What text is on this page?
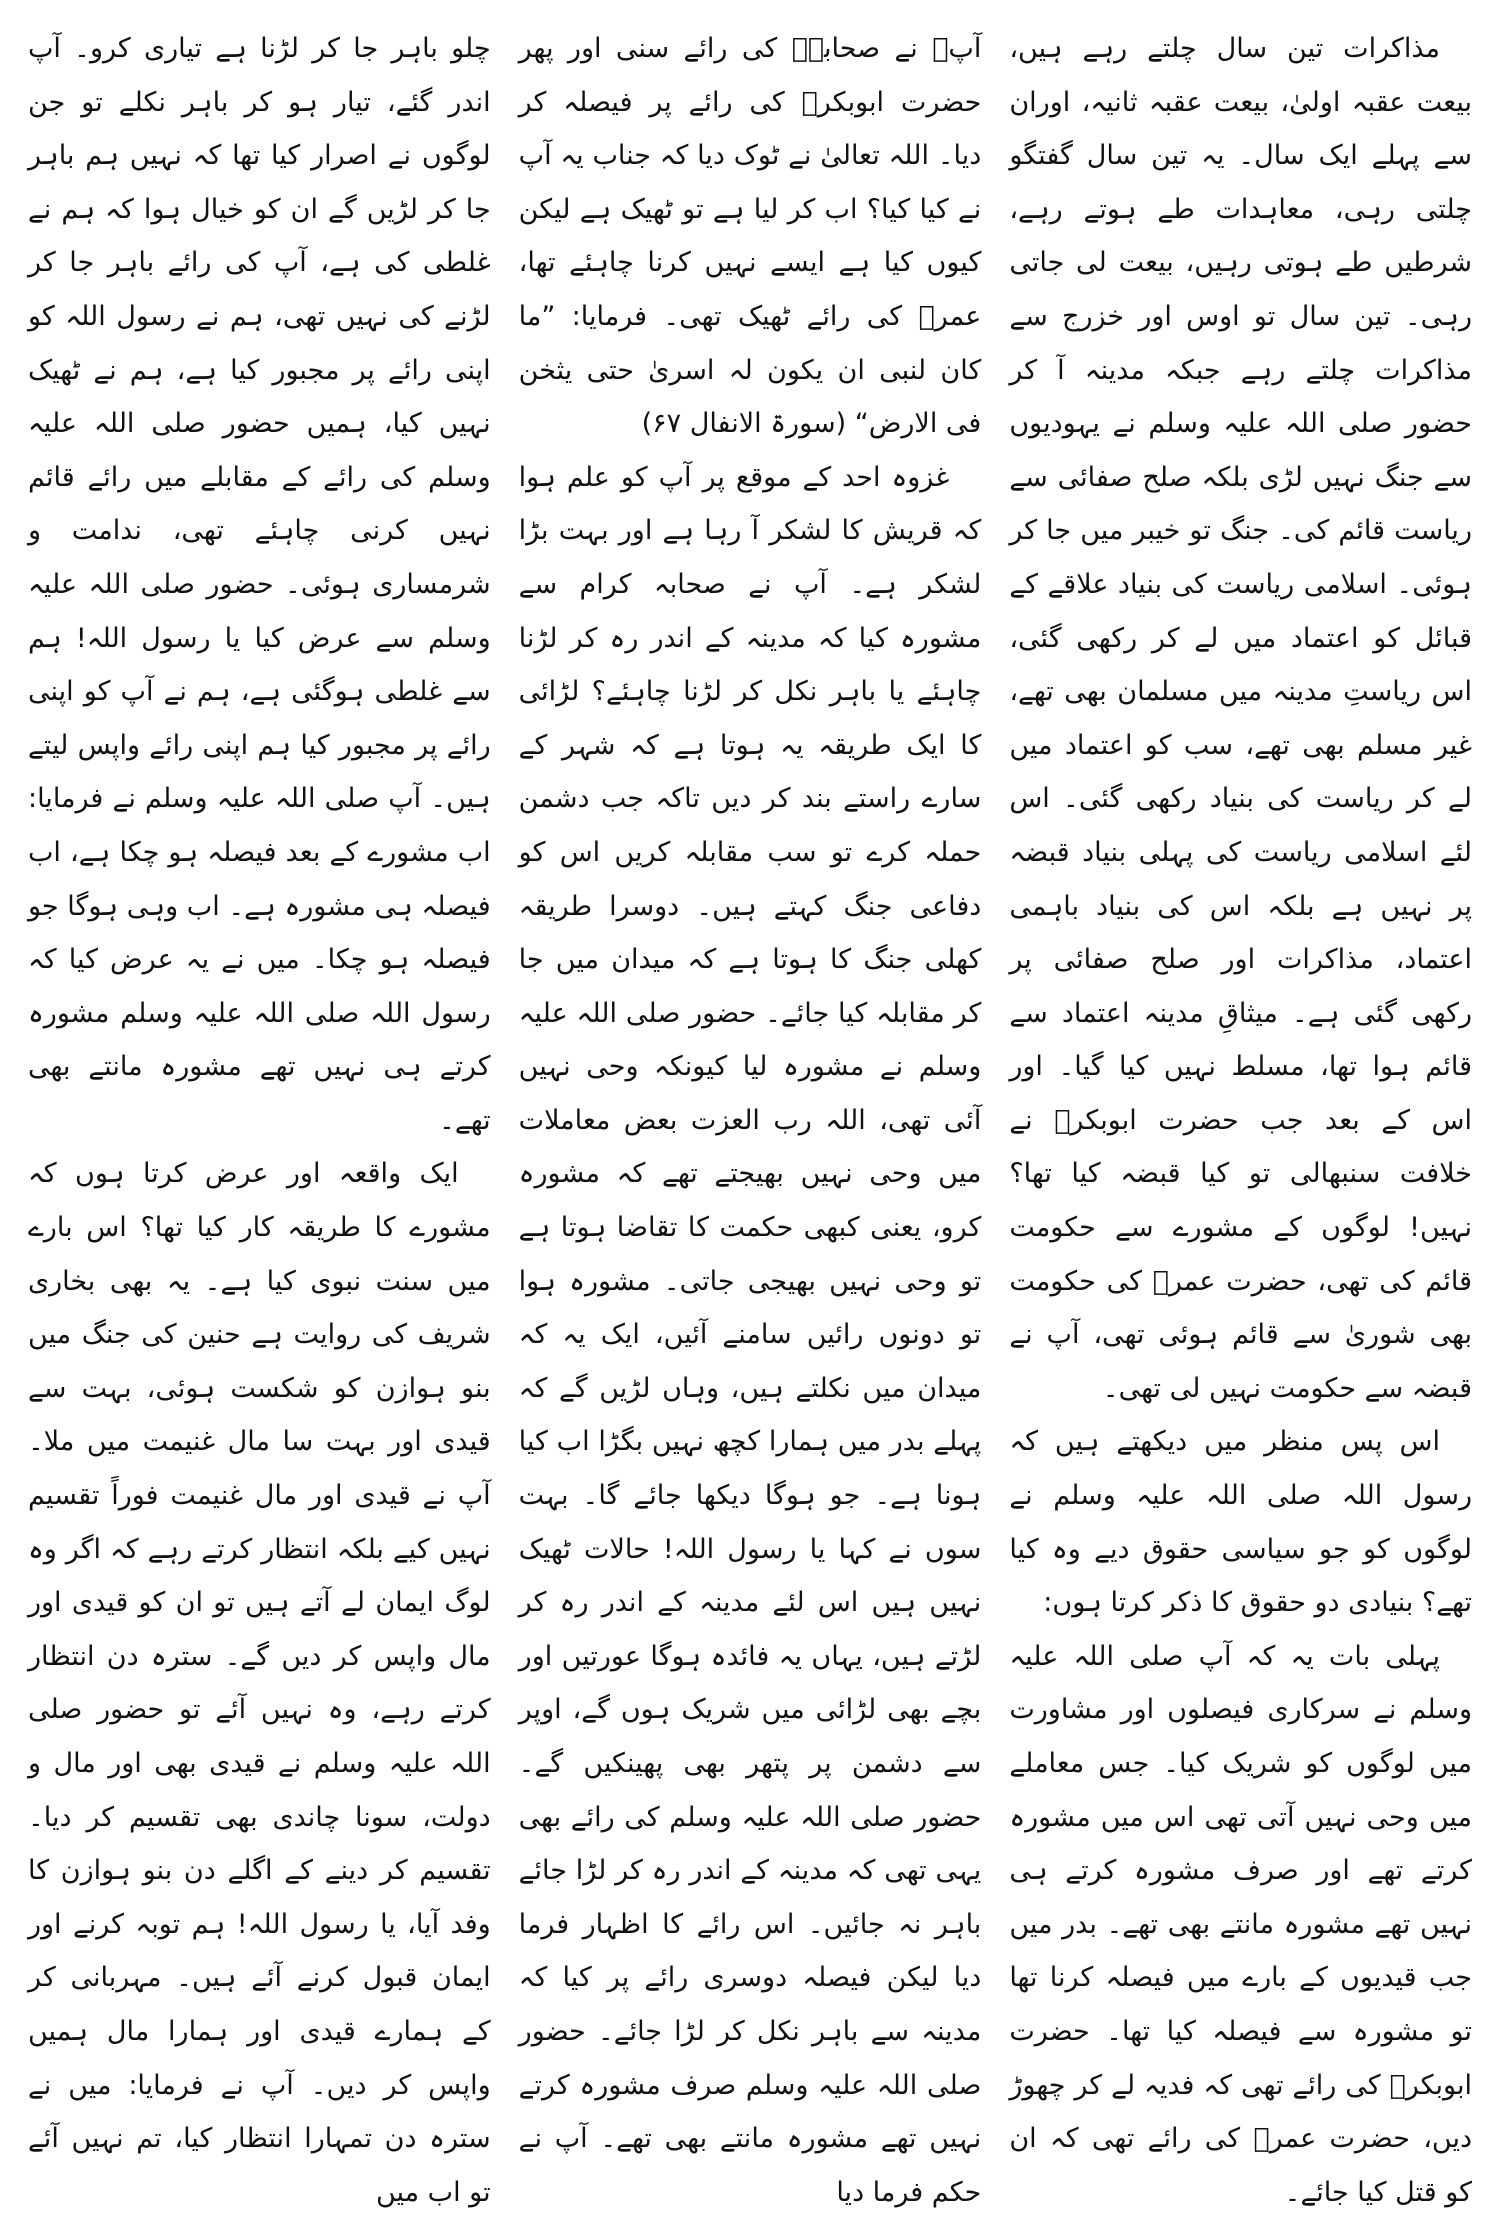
مذاکرات تین سال چلتے رہے ہیں، بیعت عقبہ اولیٰ، بیعت عقبہ ثانیہ، اوران سے پہلے ایک سال۔ یہ تین سال گفتگو چلتی رہی، معاہدات طے ہوتے رہے، شرطیں طے ہوتی رہیں، بیعت لی جاتی رہی۔ تین سال تو اوس اور خزرج سے مذاکرات چلتے رہے جبکہ مدینہ آ کر حضور صلی اللہ علیہ وسلم نے یہودیوں سے جنگ نہیں لڑی بلکہ صلح صفائی سے ریاست قائم کی۔ جنگ تو خیبر میں جا کر ہوئی۔ اسلامی ریاست کی بنیاد علاقے کے قبائل کو اعتماد میں لے کر رکھی گئی، اس ریاستِ مدینہ میں مسلمان بھی تھے، غیر مسلم بھی تھے، سب کو اعتماد میں لے کر ریاست کی بنیاد رکھی گئی۔ اس لئے اسلامی ریاست کی پہلی بنیاد قبضہ پر نہیں ہے بلکہ اس کی بنیاد باہمی اعتماد، مذاکرات اور صلح صفائی پر رکھی گئی ہے۔ میثاقِ مدینہ اعتماد سے قائم ہوا تھا، مسلط نہیں کیا گیا۔ اور اس کے بعد جب حضرت ابوبکرؓ نے خلافت سنبھالی تو کیا قبضہ کیا تھا؟ نہیں! لوگوں کے مشورے سے حکومت قائم کی تھی، حضرت عمرؓ کی حکومت بھی شوریٰ سے قائم ہوئی تھی، آپ نے قبضہ سے حکومت نہیں لی تھی۔

اس پس منظر میں دیکھتے ہیں کہ رسول اللہ صلی اللہ علیہ وسلم نے لوگوں کو جو سیاسی حقوق دیے وہ کیا تھے؟ بنیادی دو حقوق کا ذکر کرتا ہوں:

پہلی بات یہ کہ آپ صلی اللہ علیہ وسلم نے سرکاری فیصلوں اور مشاورت میں لوگوں کو شریک کیا۔ جس معاملے میں وحی نہیں آتی تھی اس میں مشورہ کرتے تھے اور صرف مشورہ کرتے ہی نہیں تھے مشورہ مانتے بھی تھے۔ بدر میں جب قیدیوں کے بارے میں فیصلہ کرنا تھا تو مشورہ سے فیصلہ کیا تھا۔ حضرت ابوبکرؓ کی رائے تھی کہ فدیہ لے کر چھوڑ دیں، حضرت عمرؓ کی رائے تھی کہ ان کو قتل کیا جائے۔

آپؐ نے صحابہؓ کی رائے سنی اور پھر حضرت ابوبکرؓ کی رائے پر فیصلہ کر دیا۔ اللہ تعالیٰ نے ٹوک دیا کہ جناب یہ آپ نے کیا کیا؟ اب کر لیا ہے تو ٹھیک ہے لیکن کیوں کیا ہے ایسے نہیں کرنا چاہئے تھا، عمرؓ کی رائے ٹھیک تھی۔ فرمایا: ”ما کان لنبی ان یکون لہ اسریٰ حتی یثخن فی الارض“ (سورۃ الانفال ۶۷)

غزوہ احد کے موقع پر آپ کو علم ہوا کہ قریش کا لشکر آ رہا ہے اور بہت بڑا لشکر ہے۔ آپ نے صحابہ کرام سے مشورہ کیا کہ مدینہ کے اندر رہ کر لڑنا چاہئے یا باہر نکل کر لڑنا چاہئے؟ لڑائی کا ایک طریقہ یہ ہوتا ہے کہ شہر کے سارے راستے بند کر دیں تاکہ جب دشمن حملہ کرے تو سب مقابلہ کریں اس کو دفاعی جنگ کہتے ہیں۔ دوسرا طریقہ کھلی جنگ کا ہوتا ہے کہ میدان میں جا کر مقابلہ کیا جائے۔ حضور صلی اللہ علیہ وسلم نے مشورہ لیا کیونکہ وحی نہیں آئی تھی، اللہ رب العزت بعض معاملات میں وحی نہیں بھیجتے تھے کہ مشورہ کرو، یعنی کبھی حکمت کا تقاضا ہوتا ہے تو وحی نہیں بھیجی جاتی۔ مشورہ ہوا تو دونوں رائیں سامنے آئیں، ایک یہ کہ میدان میں نکلتے ہیں، وہاں لڑیں گے کہ پہلے بدر میں ہمارا کچھ نہیں بگڑا اب کیا ہونا ہے۔ جو ہوگا دیکھا جائے گا۔ بہت سوں نے کہا یا رسول اللہ! حالات ٹھیک نہیں ہیں اس لئے مدینہ کے اندر رہ کر لڑتے ہیں، یہاں یہ فائدہ ہوگا عورتیں اور بچے بھی لڑائی میں شریک ہوں گے، اوپر سے دشمن پر پتھر بھی پھینکیں گے۔ حضور صلی اللہ علیہ وسلم کی رائے بھی یہی تھی کہ مدینہ کے اندر رہ کر لڑا جائے باہر نہ جائیں۔ اس رائے کا اظہار فرما دیا لیکن فیصلہ دوسری رائے پر کیا کہ مدینہ سے باہر نکل کر لڑا جائے۔ حضور صلی اللہ علیہ وسلم صرف مشورہ کرتے نہیں تھے مشورہ مانتے بھی تھے۔ آپ نے حکم فرما دیا

چلو باہر جا کر لڑنا ہے تیاری کرو۔ آپ اندر گئے، تیار ہو کر باہر نکلے تو جن لوگوں نے اصرار کیا تھا کہ نہیں ہم باہر جا کر لڑیں گے ان کو خیال ہوا کہ ہم نے غلطی کی ہے، آپ کی رائے باہر جا کر لڑنے کی نہیں تھی، ہم نے رسول اللہ کو اپنی رائے پر مجبور کیا ہے، ہم نے ٹھیک نہیں کیا، ہمیں حضور صلی اللہ علیہ وسلم کی رائے کے مقابلے میں رائے قائم نہیں کرنی چاہئے تھی، ندامت و شرمساری ہوئی۔ حضور صلی اللہ علیہ وسلم سے عرض کیا یا رسول اللہ! ہم سے غلطی ہوگئی ہے، ہم نے آپ کو اپنی رائے پر مجبور کیا ہم اپنی رائے واپس لیتے ہیں۔ آپ صلی اللہ علیہ وسلم نے فرمایا: اب مشورے کے بعد فیصلہ ہو چکا ہے، اب فیصلہ ہی مشورہ ہے۔ اب وہی ہوگا جو فیصلہ ہو چکا۔ میں نے یہ عرض کیا کہ رسول اللہ صلی اللہ علیہ وسلم مشورہ کرتے ہی نہیں تھے مشورہ مانتے بھی تھے۔

ایک واقعہ اور عرض کرتا ہوں کہ مشورے کا طریقہ کار کیا تھا؟ اس بارے میں سنت نبوی کیا ہے۔ یہ بھی بخاری شریف کی روایت ہے حنین کی جنگ میں بنو ہوازن کو شکست ہوئی، بہت سے قیدی اور بہت سا مال غنیمت میں ملا۔ آپ نے قیدی اور مال غنیمت فوراً تقسیم نہیں کیے بلکہ انتظار کرتے رہے کہ اگر وہ لوگ ایمان لے آتے ہیں تو ان کو قیدی اور مال واپس کر دیں گے۔ سترہ دن انتظار کرتے رہے، وہ نہیں آئے تو حضور صلی اللہ علیہ وسلم نے قیدی بھی اور مال و دولت، سونا چاندی بھی تقسیم کر دیا۔ تقسیم کر دینے کے اگلے دن بنو ہوازن کا وفد آیا، یا رسول اللہ! ہم توبہ کرنے اور ایمان قبول کرنے آئے ہیں۔ مہربانی کر کے ہمارے قیدی اور ہمارا مال ہمیں واپس کر دیں۔ آپ نے فرمایا: میں نے سترہ دن تمہارا انتظار کیا، تم نہیں آئے تو اب میں
